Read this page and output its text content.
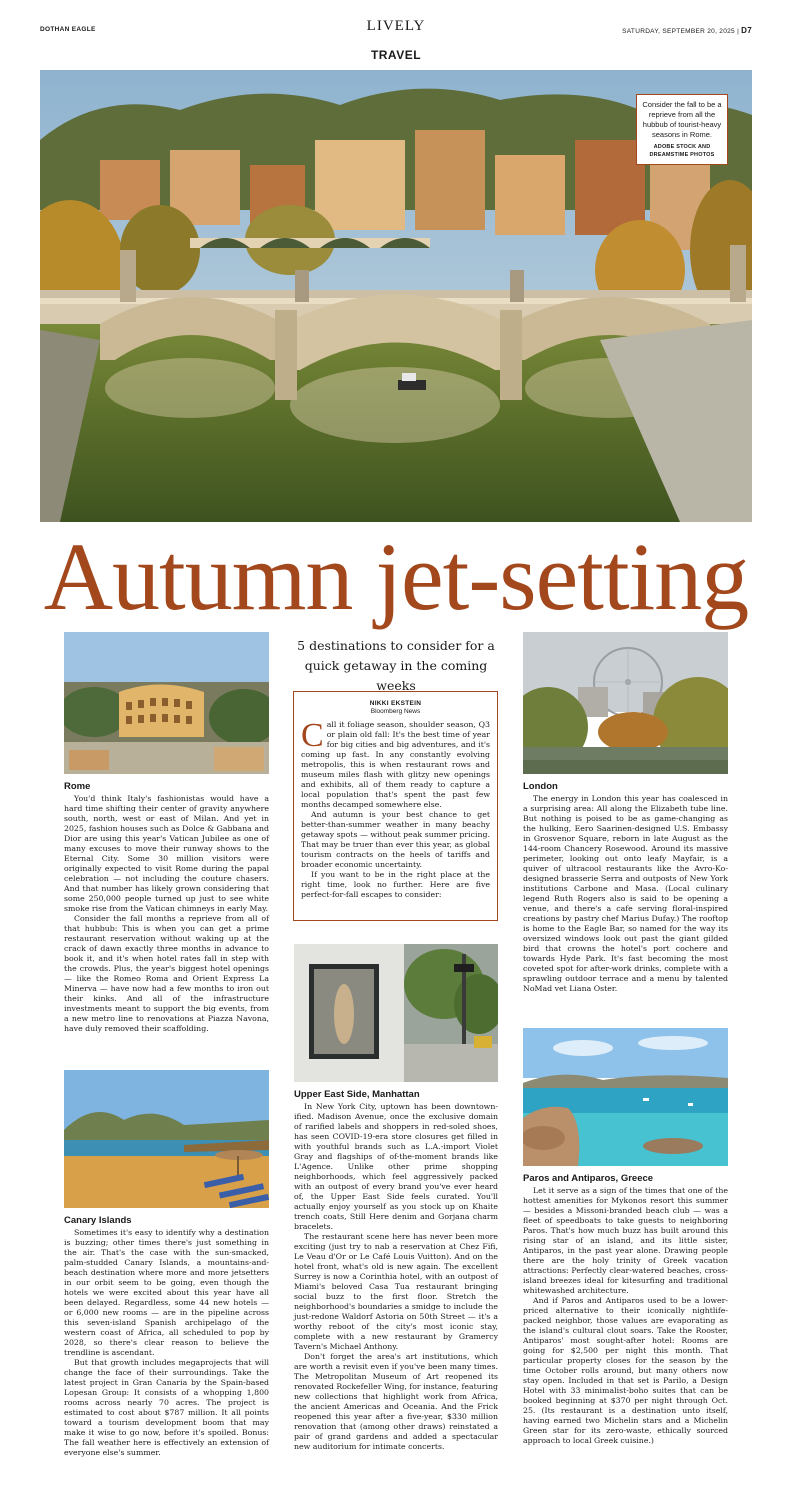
DOTHAN EAGLE	LIVELY	SATURDAY, SEPTEMBER 20, 2025 | D7
TRAVEL
Consider the fall to be a reprieve from all the hubbub of tourist-heavy seasons in Rome.
ADOBE STOCK AND DREAMSTIME PHOTOS
Autumn jet-setting
Rome

You'd think Italy's fashionistas would have a hard time shifting their center of gravity anywhere south, north, west or east of Milan. And yet in 2025, fashion houses such as Dolce & Gabbana and Dior are using this year's Vatican Jubilee as one of many excuses to move their runway shows to the Eternal City. Some 30 million visitors were originally expected to visit Rome during the papal celebration — not including the couture chasers. And that number has likely grown considering that some 250,000 people turned up just to see white smoke rise from the Vatican chimneys in early May.

Consider the fall months a reprieve from all of that hubbub: This is when you can get a prime restaurant reservation without waking up at the crack of dawn exactly three months in advance to book it, and it's when hotel rates fall in step with the crowds. Plus, the year's biggest hotel openings — like the Romeo Roma and Orient Express La Minerva — have now had a few months to iron out their kinks. And all of the infrastructure investments meant to support the big events, from a new metro line to renovations at Piazza Navona, have duly removed their scaffolding.

Canary Islands

Sometimes it's easy to identify why a destination is buzzing; other times there's just something in the air. That's the case with the sun-smacked, palm-studded Canary Islands, a mountains-and-beach destination where more and more jetsetters in our orbit seem to be going, even though the hotels we were excited about this year have all been delayed. Regardless, some 44 new hotels — or 6,000 new rooms — are in the pipeline across this seven-island Spanish archipelago of the western coast of Africa, all scheduled to pop by 2028, so there's clear reason to believe the trendline is ascendant.

But that growth includes megaprojects that will change the face of their surroundings. Take the latest project in Gran Canaria by the Spain-based Lopesan Group: It consists of a whopping 1,800 rooms across nearly 70 acres. The project is estimated to cost about $787 million. It all points toward a tourism development boom that may make it wise to go now, before it's spoiled. Bonus: The fall weather here is effectively an extension of everyone else's summer.

5 destinations to consider for a quick getaway in the coming weeks
NIKKI EKSTEIN
Bloomberg News

Call it foliage season, shoulder season, Q3 or plain old fall: It's the best time of year for big cities and big adventures, and it's coming up fast. In any constantly evolving metropolis, this is when restaurant rows and museum miles flash with glitzy new openings and exhibits, all of them ready to capture a local population that's spent the past few months decamped somewhere else.

And autumn is your best chance to get better-than-summer weather in many beachy getaway spots — without peak summer pricing. That may be truer than ever this year, as global tourism contracts on the heels of tariffs and broader economic uncertainty.

If you want to be in the right place at the right time, look no further. Here are five perfect-for-fall escapes to consider:

Upper East Side, Manhattan

In New York City, uptown has been downtown-ified. Madison Avenue, once the exclusive domain of rarified labels and shoppers in red-soled shoes, has seen COVID-19-era store closures get filled in with youthful brands such as L.A.-import Violet Gray and flagships of of-the-moment brands like L'Agence. Unlike other prime shopping neighborhoods, which feel aggressively packed with an outpost of every brand you've ever heard of, the Upper East Side feels curated. You'll actually enjoy yourself as you stock up on Khaite trench coats, Still Here denim and Gorjana charm bracelets.

The restaurant scene here has never been more exciting (just try to nab a reservation at Chez Fifi, Le Veau d'Or or Le Café Louis Vuitton). And on the hotel front, what's old is new again. The excellent Surrey is now a Corinthia hotel, with an outpost of Miami's beloved Casa Tua restaurant bringing social buzz to the first floor. Stretch the neighborhood's boundaries a smidge to include the just-redone Waldorf Astoria on 50th Street — it's a worthy reboot of the city's most iconic stay, complete with a new restaurant by Gramercy Tavern's Michael Anthony.

Don't forget the area's art institutions, which are worth a revisit even if you've been many times. The Metropolitan Museum of Art reopened its renovated Rockefeller Wing, for instance, featuring new collections that highlight work from Africa, the ancient Americas and Oceania. And the Frick reopened this year after a five-year, $330 million renovation that (among other draws) reinstated a pair of grand gardens and added a spectacular new auditorium for intimate concerts.

London

The energy in London this year has coalesced in a surprising area: All along the Elizabeth tube line. But nothing is poised to be as game-changing as the hulking, Eero Saarinen-designed U.S. Embassy in Grosvenor Square, reborn in late August as the 144-room Chancery Rosewood. Around its massive perimeter, looking out onto leafy Mayfair, is a quiver of ultracool restaurants like the Avro-Ko-designed brasserie Serra and outposts of New York institutions Carbone and Masa. (Local culinary legend Ruth Rogers also is said to be opening a venue, and there's a cafe serving floral-inspired creations by pastry chef Marius Dufay.) The rooftop is home to the Eagle Bar, so named for the way its oversized windows look out past the giant gilded bird that crowns the hotel's port cochere and towards Hyde Park. It's fast becoming the most coveted spot for after-work drinks, complete with a sprawling outdoor terrace and a menu by talented NoMad vet Liana Oster.

Paros and Antiparos, Greece

Let it serve as a sign of the times that one of the hottest amenities for Mykonos resort this summer — besides a Missoni-branded beach club — was a fleet of speedboats to take guests to neighboring Paros. That's how much buzz has built around this rising star of an island, and its little sister, Antiparos, in the past year alone. Drawing people there are the holy trinity of Greek vacation attractions: Perfectly clear-watered beaches, cross-island breezes ideal for kitesurfing and traditional whitewashed architecture.

And if Paros and Antiparos used to be a lower-priced alternative to their iconically nightlife-packed neighbor, those values are evaporating as the island's cultural clout soars. Take the Rooster, Antiparos' most sought-after hotel: Rooms are going for $2,500 per night this month. That particular property closes for the season by the time October rolls around, but many others now stay open. Included in that set is Parilo, a Design Hotel with 33 minimalist-boho suites that can be booked beginning at $370 per night through Oct. 25. (Its restaurant is a destination unto itself, having earned two Michelin stars and a Michelin Green star for its zero-waste, ethically sourced approach to local Greek cuisine.)
